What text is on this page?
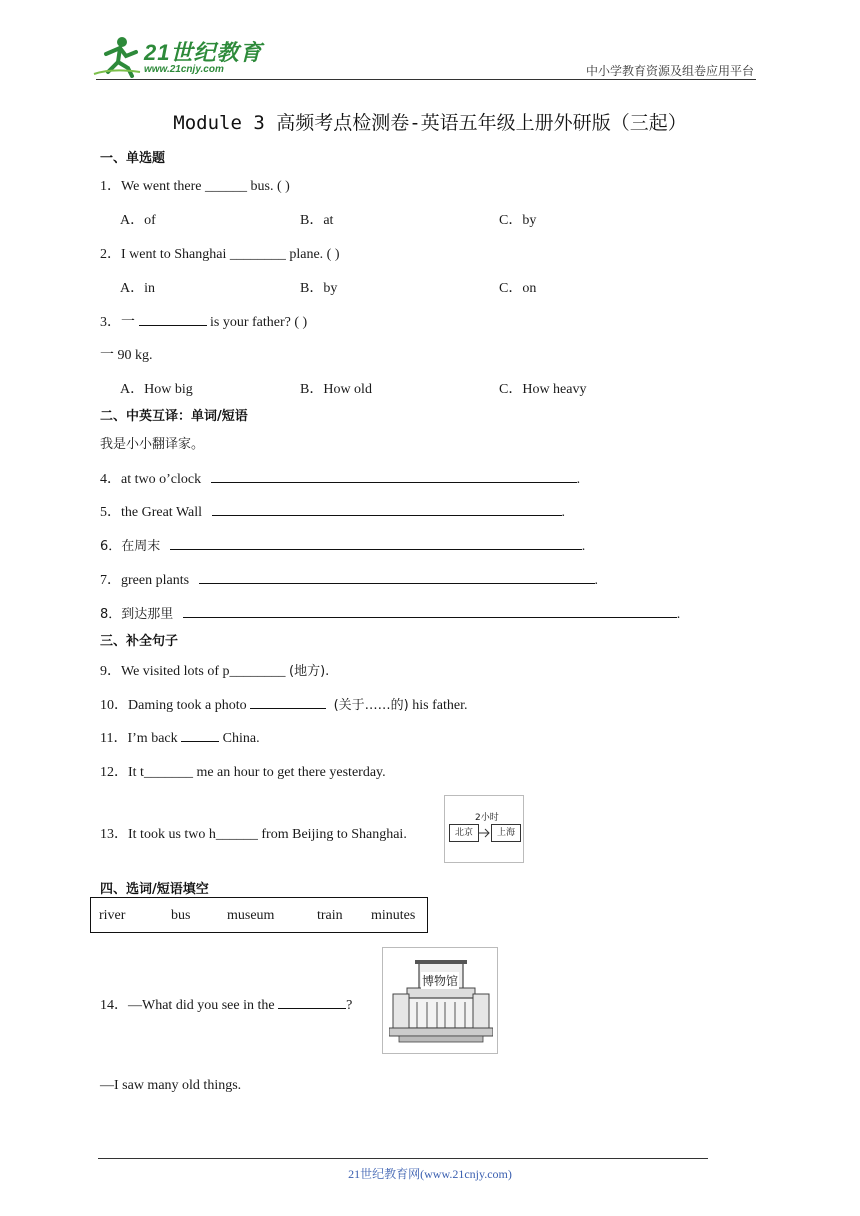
21世纪教育
www.21cnjy.com	中小学教育资源及组卷应用平台
Module 3 高频考点检测卷-英语五年级上册外研版（三起）
一、单选题
1．We went there ______ bus. ( )
A．of	B．at	C．by
2．I went to Shanghai ________ plane. ( )
A．in	B．by	C．on
3．一	is your father? ( )
一 90 kg.
A．How big	B．How old	C．How heavy
二、中英互译：单词/短语
我是小小翻译家。
4．at two o’clock	.
5．the Great Wall	.
6．在周末	.
7．green plants	.
8．到达那里	.
三、补全句子
9．We visited lots of p________ (地方).
10．Daming took a photo	(关于……的) his father.
11．I’m back	China.
12．It t_______ me an hour to get there yesterday.
13．It took us two h______ from Beijing to Shanghai.
2小时
北京	上海
四、选词/短语填空
river	bus	museum	train minutes
14．—What did you see in the	?
博物馆
—I saw many old things.
21世纪教育网(www.21cnjy.com)
